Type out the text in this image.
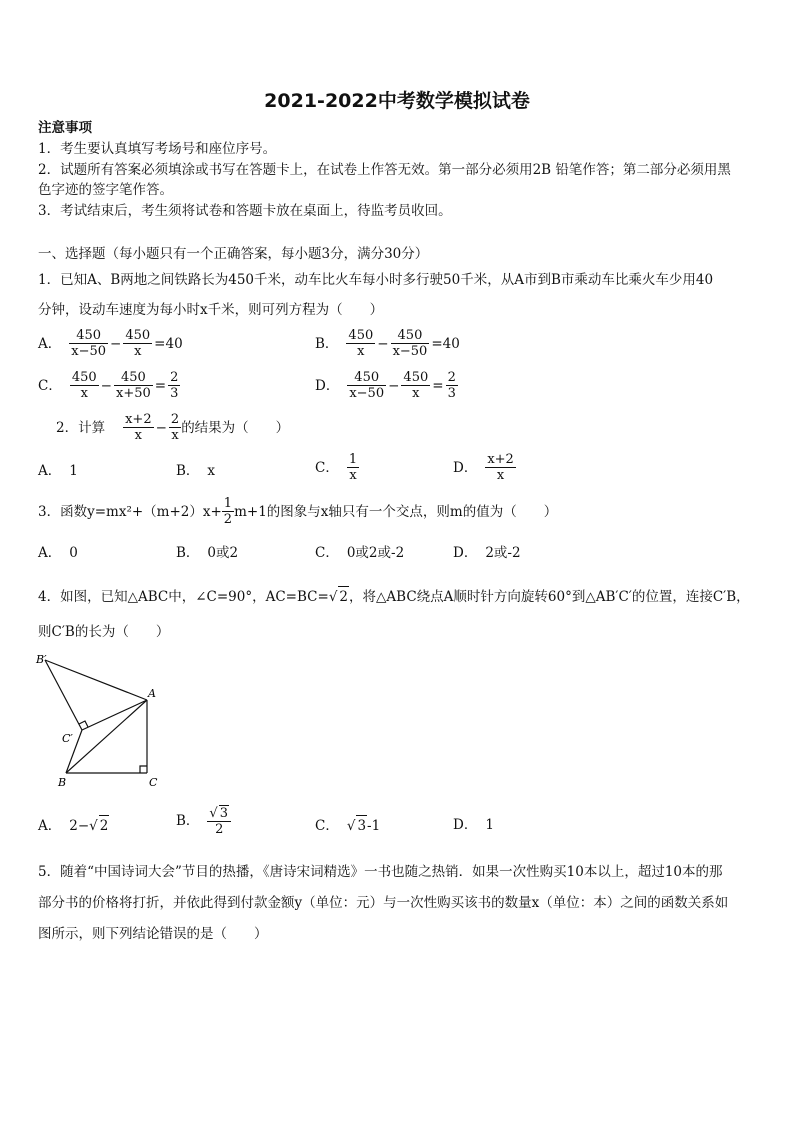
2021-2022中考数学模拟试卷
注意事项
1．考生要认真填写考场号和座位序号。
2．试题所有答案必须填涂或书写在答题卡上，在试卷上作答无效。第一部分必须用2B 铅笔作答；第二部分必须用黑
色字迹的签字笔作答。
3．考试结束后，考生须将试卷和答题卡放在桌面上，待监考员收回。
一、选择题（每小题只有一个正确答案，每小题3分，满分30分）
1．已知A、B两地之间铁路长为450千米，动车比火车每小时多行驶50千米，从A市到B市乘动车比乘火车少用40
分钟，设动车速度为每小时x千米，则可列方程为（　　）
A． $\frac{450}{x-50} - \frac{450}{x} =40$	B． $\frac{450}{x} - \frac{450}{x-50} =40$
C． $\frac{450}{x} - \frac{450}{x+50} = \frac{2}{3}$	D． $\frac{450}{x-50} - \frac{450}{x} = \frac{2}{3}$
2．计算 $\frac{x+2}{x} - \frac{2}{x}$ 的结果为（　　）
A． 1	B． x	C． $\frac{1}{x}$	D． $\frac{x+2}{x}$
3．函数$y=mx^2+(m+2)x+ \frac{1}{2} m+1$的图象与x轴只有一个交点，则m的值为（　　）
A． 0	B． 0或2	C． 0或2或-2	D． 2或-2
4．如图，已知△ABC中，∠C=90°，AC=BC= √ 2 ，将△ABC绕点A顺时针方向旋转60°到△AB′C′的位置，连接C′B，
则C′B的长为（　　）
B′
A
C′
B	C
A． 2− √ 2	B． $\frac{√ 3}{2}$	C． √ 3 -1	D． 1
5．随着“中国诗词大会”节目的热播，《唐诗宋词精选》一书也随之热销．如果一次性购买10本以上，超过10本的那
部分书的价格将打折，并依此得到付款金额y（单位：元）与一次性购买该书的数量x（单位：本）之间的函数关系如
图所示，则下列结论错误的是（　　）
